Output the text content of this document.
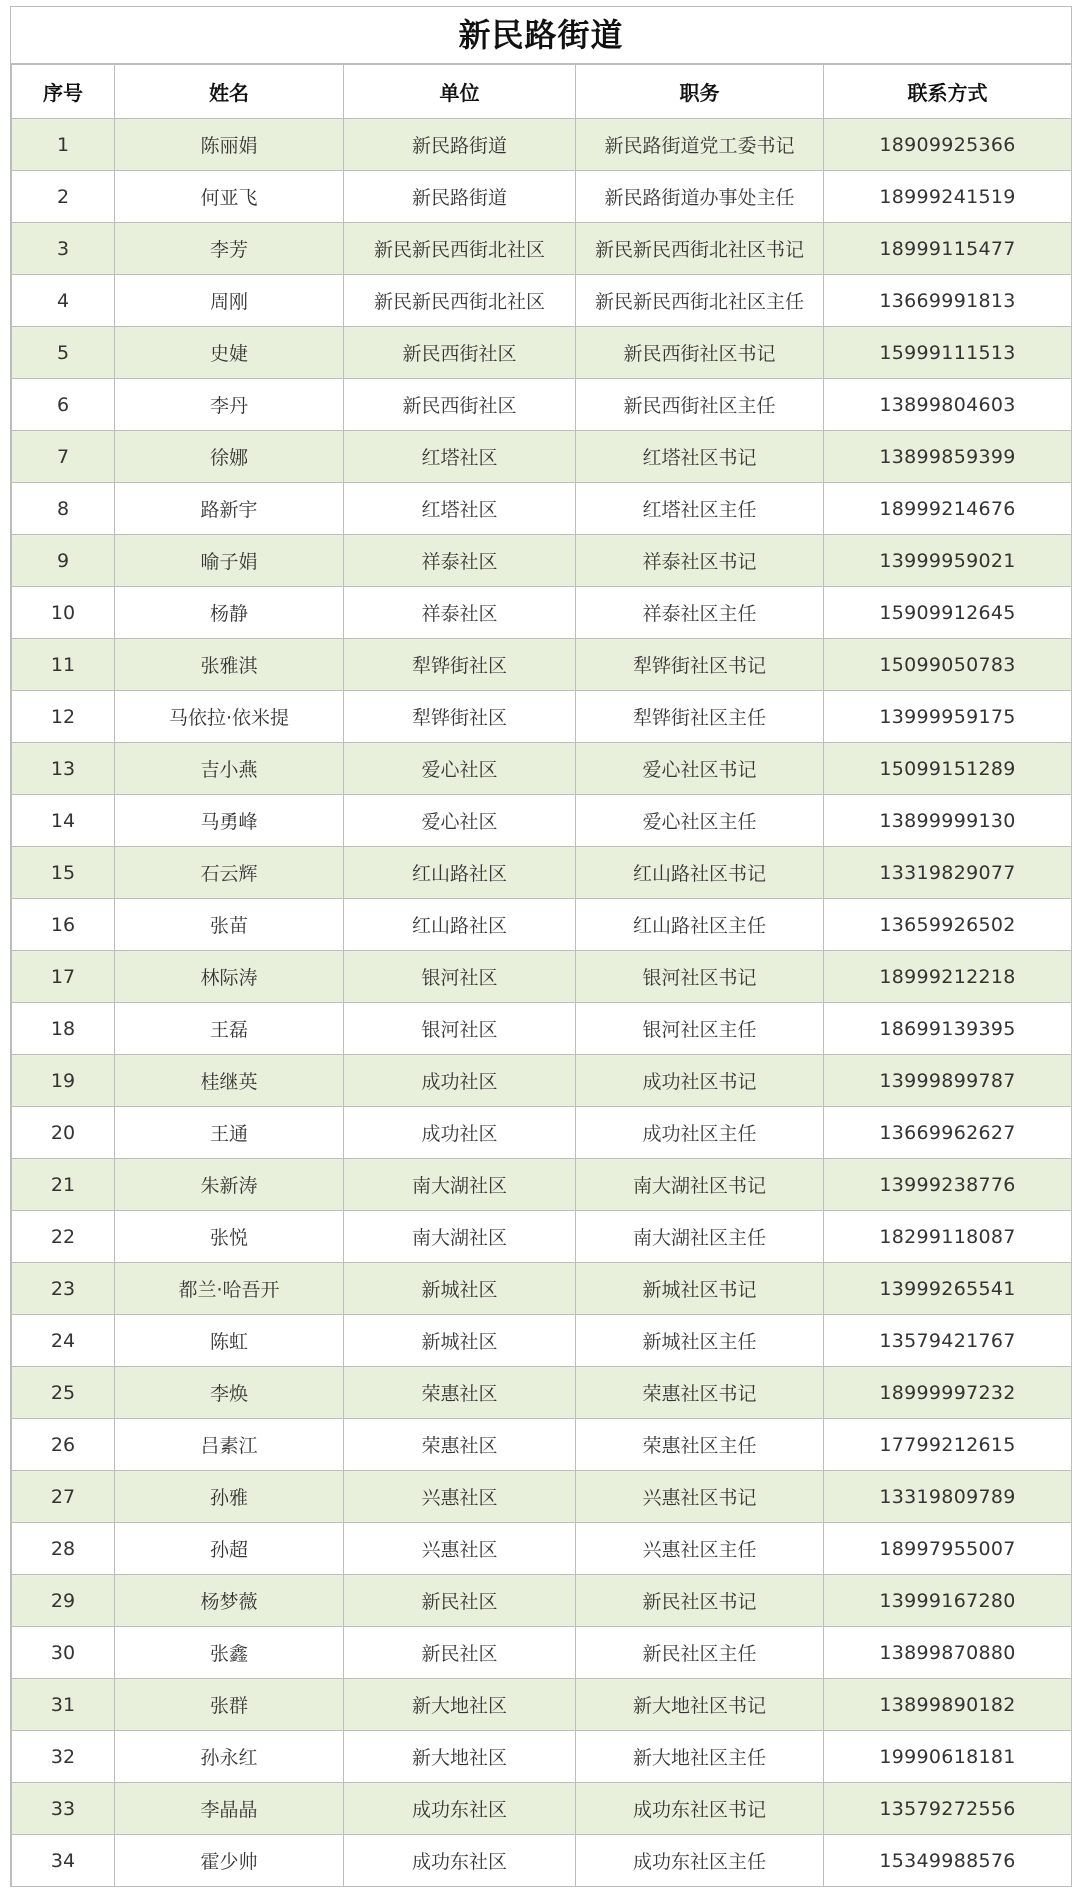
新民路街道
序号	姓名	单位	职务	联系方式
1	陈丽娟	新民路街道	新民路街道党工委书记	18909925366
2	何亚飞	新民路街道	新民路街道办事处主任	18999241519
3	李芳	新民新民西街北社区	新民新民西街北社区书记	18999115477
4	周刚	新民新民西街北社区	新民新民西街北社区主任	13669991813
5	史婕	新民西街社区	新民西街社区书记	15999111513
6	李丹	新民西街社区	新民西街社区主任	13899804603
7	徐娜	红塔社区	红塔社区书记	13899859399
8	路新宇	红塔社区	红塔社区主任	18999214676
9	喻子娟	祥泰社区	祥泰社区书记	13999959021
10	杨静	祥泰社区	祥泰社区主任	15909912645
11	张雅淇	犁铧街社区	犁铧街社区书记	15099050783
12	马依拉·依米提	犁铧街社区	犁铧街社区主任	13999959175
13	吉小燕	爱心社区	爱心社区书记	15099151289
14	马勇峰	爱心社区	爱心社区主任	13899999130
15	石云辉	红山路社区	红山路社区书记	13319829077
16	张苗	红山路社区	红山路社区主任	13659926502
17	林际涛	银河社区	银河社区书记	18999212218
18	王磊	银河社区	银河社区主任	18699139395
19	桂继英	成功社区	成功社区书记	13999899787
20	王通	成功社区	成功社区主任	13669962627
21	朱新涛	南大湖社区	南大湖社区书记	13999238776
22	张悦	南大湖社区	南大湖社区主任	18299118087
23	都兰·哈吾开	新城社区	新城社区书记	13999265541
24	陈虹	新城社区	新城社区主任	13579421767
25	李焕	荣惠社区	荣惠社区书记	18999997232
26	吕素江	荣惠社区	荣惠社区主任	17799212615
27	孙雅	兴惠社区	兴惠社区书记	13319809789
28	孙超	兴惠社区	兴惠社区主任	18997955007
29	杨梦薇	新民社区	新民社区书记	13999167280
30	张鑫	新民社区	新民社区主任	13899870880
31	张群	新大地社区	新大地社区书记	13899890182
32	孙永红	新大地社区	新大地社区主任	19990618181
33	李晶晶	成功东社区	成功东社区书记	13579272556
34	霍少帅	成功东社区	成功东社区主任	15349988576
